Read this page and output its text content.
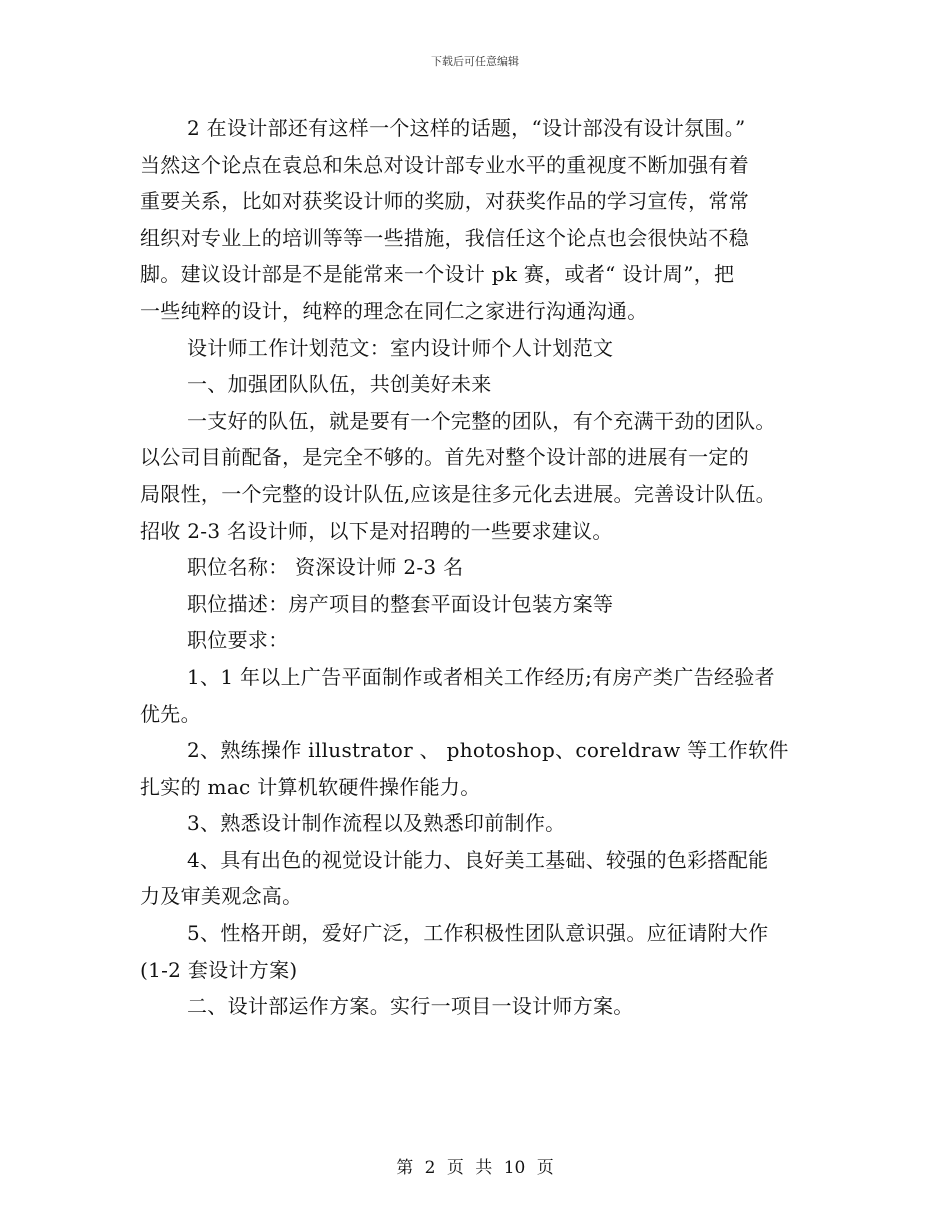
下载后可任意编辑

2 在设计部还有这样一个这样的话题，“设计部没有设计氛围。”
当然这个论点在袁总和朱总对设计部专业水平的重视度不断加强有着
重要关系，比如对获奖设计师的奖励，对获奖作品的学习宣传，常常
组织对专业上的培训等等一些措施，我信任这个论点也会很快站不稳
脚。建议设计部是不是能常来一个设计 pk 赛，或者“ 设计周”，把
一些纯粹的设计，纯粹的理念在同仁之家进行沟通沟通。

设计师工作计划范文：室内设计师个人计划范文

一、加强团队队伍，共创美好未来

一支好的队伍，就是要有一个完整的团队，有个充满干劲的团队。
以公司目前配备，是完全不够的。首先对整个设计部的进展有一定的
局限性，一个完整的设计队伍,应该是往多元化去进展。完善设计队伍。
招收 2-3 名设计师，以下是对招聘的一些要求建议。

职位名称： 资深设计师 2-3 名

职位描述：房产项目的整套平面设计包装方案等

职位要求：

1、1 年以上广告平面制作或者相关工作经历;有房产类广告经验者
优先。

2、熟练操作 illustrator 、 photoshop、coreldraw 等工作软件
扎实的 mac 计算机软硬件操作能力。

3、熟悉设计制作流程以及熟悉印前制作。

4、具有出色的视觉设计能力、良好美工基础、较强的色彩搭配能
力及审美观念高。

5、性格开朗，爱好广泛，工作积极性团队意识强。应征请附大作
(1-2 套设计方案)

二、设计部运作方案。实行一项目一设计师方案。

第 2 页 共 10 页
